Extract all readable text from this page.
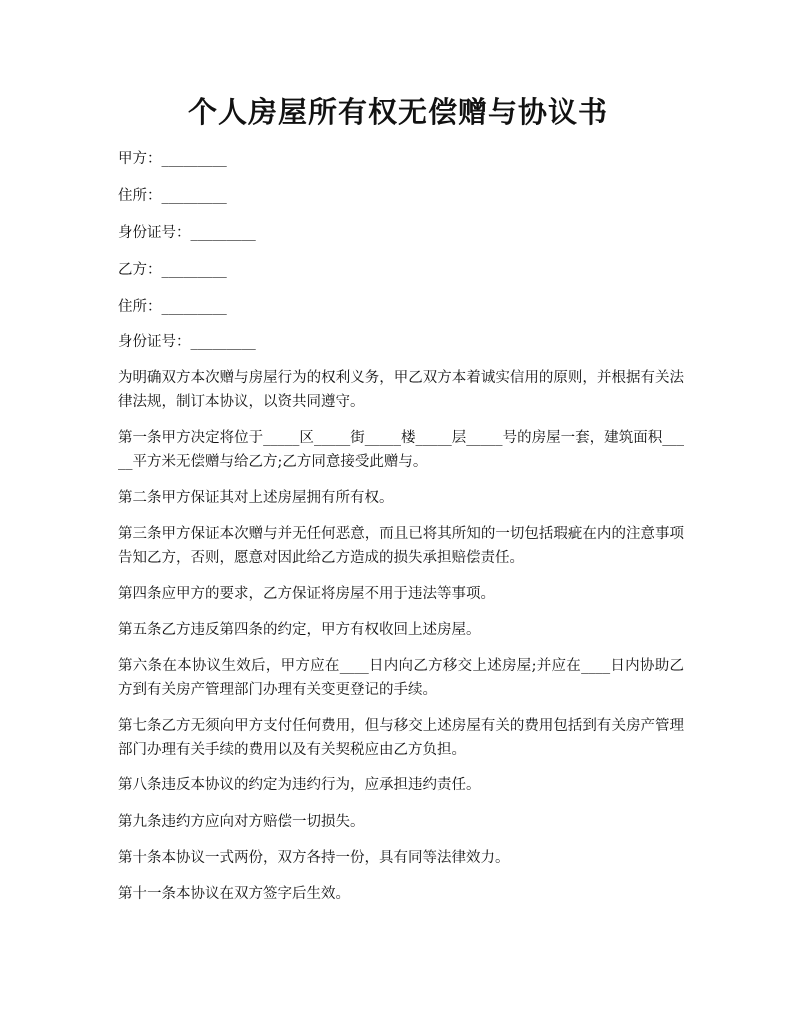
个人房屋所有权无偿赠与协议书
甲方：_________
住所：_________
身份证号：_________
乙方：_________
住所：_________
身份证号：_________
为明确双方本次赠与房屋行为的权利义务，甲乙双方本着诚实信用的原则，并根据有关法律法规，制订本协议，以资共同遵守。
第一条甲方决定将位于_____区_____街_____楼_____层_____号的房屋一套，建筑面积_____平方米无偿赠与给乙方;乙方同意接受此赠与。
第二条甲方保证其对上述房屋拥有所有权。
第三条甲方保证本次赠与并无任何恶意，而且已将其所知的一切包括瑕疵在内的注意事项告知乙方，否则，愿意对因此给乙方造成的损失承担赔偿责任。
第四条应甲方的要求，乙方保证将房屋不用于违法等事项。
第五条乙方违反第四条的约定，甲方有权收回上述房屋。
第六条在本协议生效后，甲方应在____日内向乙方移交上述房屋;并应在____日内协助乙方到有关房产管理部门办理有关变更登记的手续。
第七条乙方无须向甲方支付任何费用，但与移交上述房屋有关的费用包括到有关房产管理部门办理有关手续的费用以及有关契税应由乙方负担。
第八条违反本协议的约定为违约行为，应承担违约责任。
第九条违约方应向对方赔偿一切损失。
第十条本协议一式两份，双方各持一份，具有同等法律效力。
第十一条本协议在双方签字后生效。
